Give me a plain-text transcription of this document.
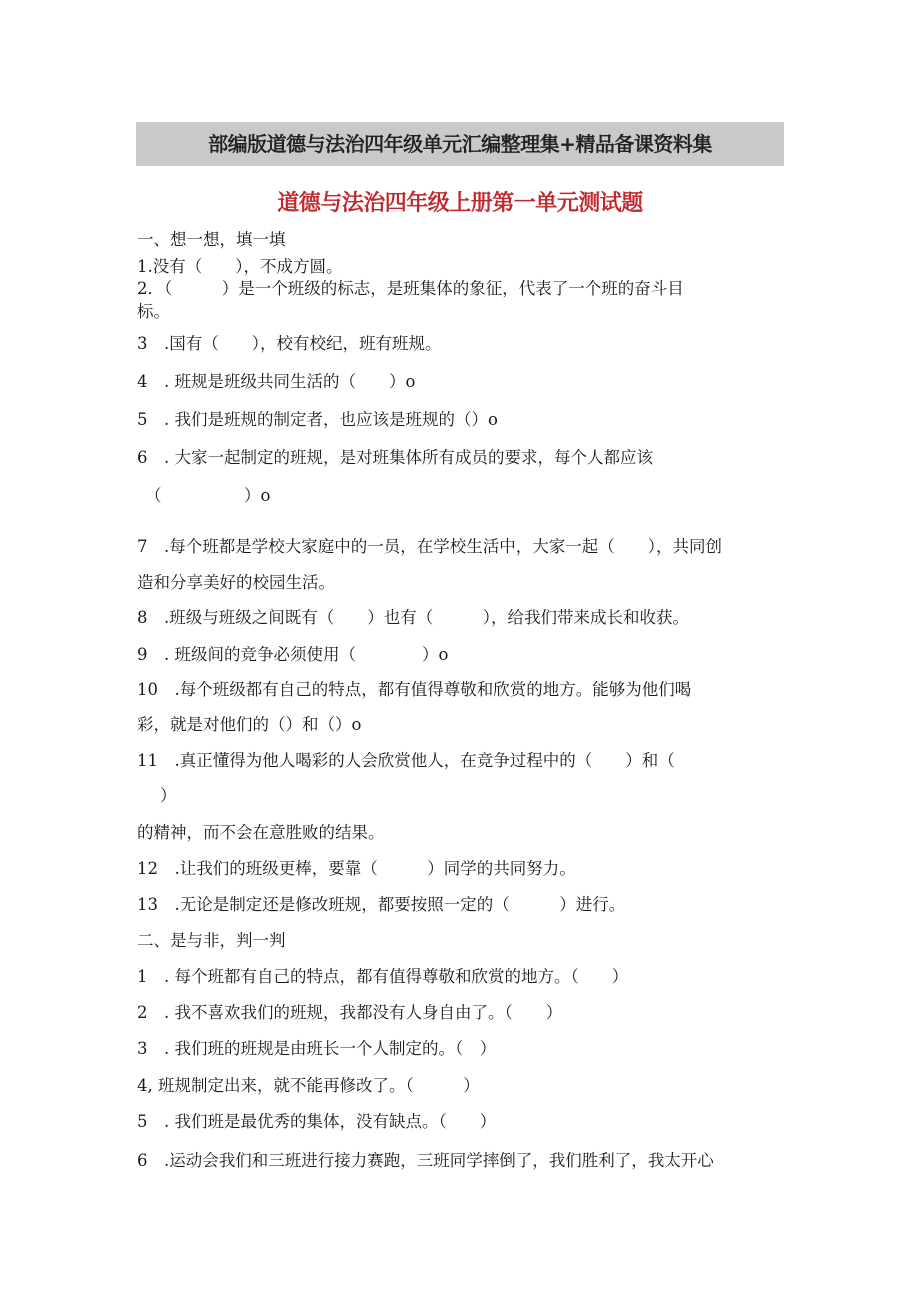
部编版道德与法治四年级单元汇编整理集+精品备课资料集
道德与法治四年级上册第一单元测试题
一、想一想，填一填
1.没有（　　），不成方圆。
2．（　　　）是一个班级的标志，是班集体的象征，代表了一个班的奋斗目
标。
3　.国有（　　），校有校纪，班有班规。
4　. 班规是班级共同生活的（　　）o
5　. 我们是班规的制定者，也应该是班规的（）o
6　. 大家一起制定的班规，是对班集体所有成员的要求，每个人都应该
（　　　　　）o
7　.每个班都是学校大家庭中的一员，在学校生活中，大家一起（　　），共同创
造和分享美好的校园生活。
8　.班级与班级之间既有（　　）也有（　　　），给我们带来成长和收获。
9　. 班级间的竞争必须使用（　　　　）o
10　.每个班级都有自己的特点，都有值得尊敬和欣赏的地方。能够为他们喝
彩，就是对他们的（）和（）o
11　.真正懂得为他人喝彩的人会欣赏他人，在竞争过程中的（　　）和（
）
的精神，而不会在意胜败的结果。
12　.让我们的班级更棒，要靠（　　　）同学的共同努力。
13　.无论是制定还是修改班规，都要按照一定的（　　　）进行。
二、是与非，判一判
1　. 每个班都有自己的特点，都有值得尊敬和欣赏的地方。（　　）
2　. 我不喜欢我们的班规，我都没有人身自由了。（　　）
3　. 我们班的班规是由班长一个人制定的。（　）
4, 班规制定出来，就不能再修改了。（　　　）
5　. 我们班是最优秀的集体，没有缺点。（　　）
6　.运动会我们和三班进行接力赛跑，三班同学摔倒了，我们胜利了，我太开心
